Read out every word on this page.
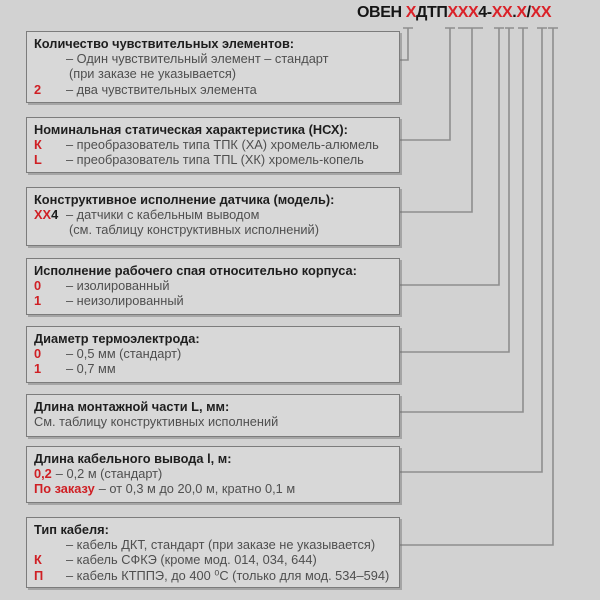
ОВЕН ХДТПХХХ4-ХХ.Х/ХХ
Количество чувствительных элементов:
– Один чувствительный элемент – стандарт
(при заказе не указывается)
2	– два чувствительных элемента
Номинальная статическая характеристика (НСХ):
К	– преобразователь типа ТПК (ХА) хромель-алюмель
L	– преобразователь типа ТПL (ХК) хромель-копель
Конструктивное исполнение датчика (модель):
ХХ4 – датчики с кабельным выводом
(см. таблицу конструктивных исполнений)
Исполнение рабочего спая относительно корпуса:
0	– изолированный
1	– неизолированный
Диаметр термоэлектрода:
0	– 0,5 мм (стандарт)
1	– 0,7 мм
Длина монтажной части L, мм:
См. таблицу конструктивных исполнений
Длина кабельного вывода l, м:
0,2 – 0,2 м (стандарт)
По заказу – от 0,3 м до 20,0 м, кратно 0,1 м
Тип кабеля:
– кабель ДКТ, стандарт (при заказе не указывается)
К	– кабель СФКЭ (кроме мод. 014, 034, 644)
П	– кабель КТППЭ, до 400 ⁰С (только для мод. 534–594)
